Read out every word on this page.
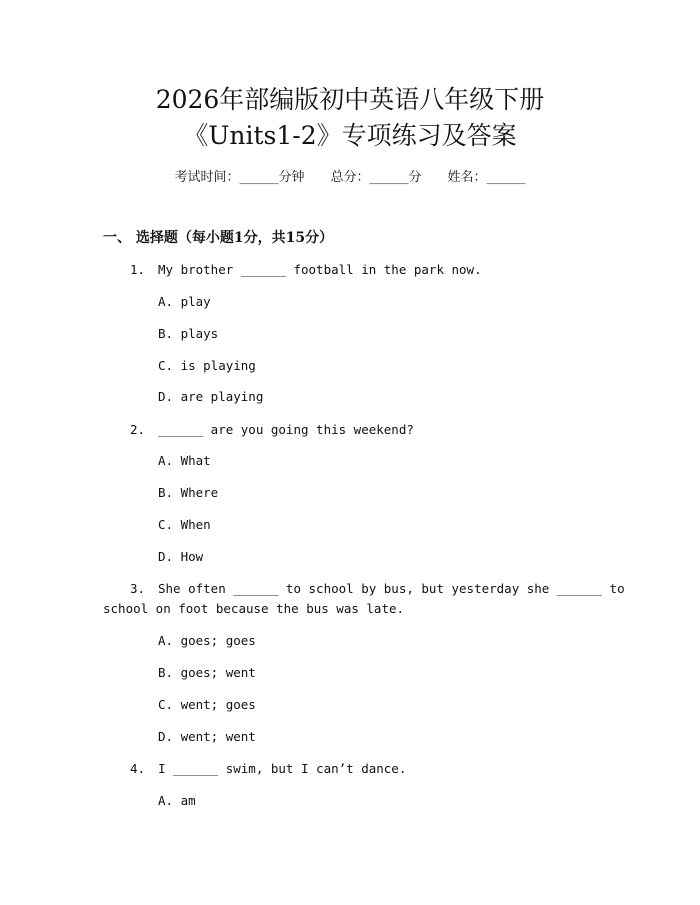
2026年部编版初中英语八年级下册
《Units1-2》专项练习及答案
考试时间：______分钟 总分：______分 姓名：______
一、 选择题（每小题1分，共15分）
1. My brother ______ football in the park now.
A. play
B. plays
C. is playing
D. are playing
2. ______ are you going this weekend?
A. What
B. Where
C. When
D. How
3. She often ______ to school by bus, but yesterday she ______ to
school on foot because the bus was late.
A. goes; goes
B. goes; went
C. went; goes
D. went; went
4. I ______ swim, but I can’t dance.
A. am
